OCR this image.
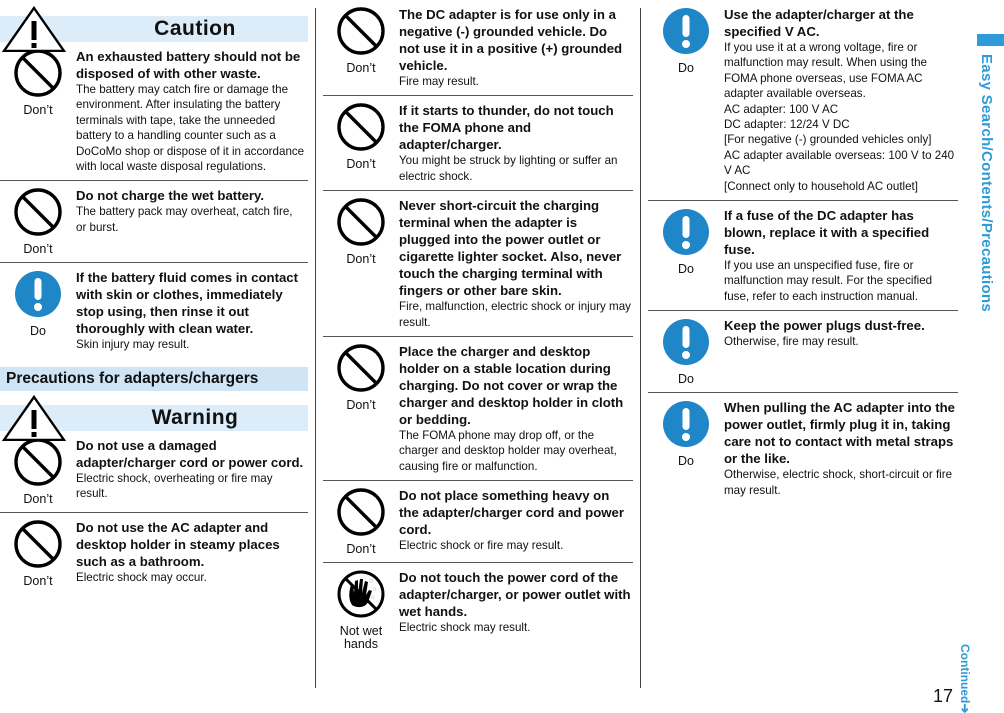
Caution
Don’t
An exhausted battery should not be disposed of with other waste.
The battery may catch fire or damage the environment. After insulating the battery terminals with tape, take the unneeded battery to a handling counter such as a DoCoMo shop or dispose of it in accordance with local waste disposal regulations.
Don’t
Do not charge the wet battery.
The battery pack may overheat, catch fire, or burst.
Do
If the battery fluid comes in contact with skin or clothes, immediately stop using, then rinse it out thoroughly with clean water.
Skin injury may result.
Precautions for adapters/chargers
Warning
Don’t
Do not use a damaged adapter/charger cord or power cord.
Electric shock, overheating or fire may result.
Don’t
Do not use the AC adapter and desktop holder in steamy places such as a bathroom.
Electric shock may occur.
Don’t
The DC adapter is for use only in a negative (-) grounded vehicle. Do not use it in a positive (+) grounded vehicle.
Fire may result.
Don’t
If it starts to thunder, do not touch the FOMA phone and adapter/charger.
You might be struck by lighting or suffer an electric shock.
Don’t
Never short-circuit the charging terminal when the adapter is plugged into the power outlet or cigarette lighter socket. Also, never touch the charging terminal with fingers or other bare skin.
Fire, malfunction, electric shock or injury may result.
Don’t
Place the charger and desktop holder on a stable location during charging. Do not cover or wrap the charger and desktop holder in cloth or bedding.
The FOMA phone may drop off, or the charger and desktop holder may overheat, causing fire or malfunction.
Don’t
Do not place something heavy on the adapter/charger cord and power cord.
Electric shock or fire may result.
◌
◌
◌
Not wet
hands
Do not touch the power cord of the adapter/charger, or power outlet with wet hands.
Electric shock may result.
Do
Use the adapter/charger at the specified V AC.
If you use it at a wrong voltage, fire or malfunction may result. When using the FOMA phone overseas, use FOMA AC adapter available overseas.
AC adapter: 100 V AC
DC adapter: 12/24 V DC
[For negative (-) grounded vehicles only]
AC adapter available overseas: 100 V to 240 V AC
[Connect only to household AC outlet]
Do
If a fuse of the DC adapter has blown, replace it with a specified fuse.
If you use an unspecified fuse, fire or malfunction may result. For the specified fuse, refer to each instruction manual.
Do
Keep the power plugs dust-free.
Otherwise, fire may result.
Do
When pulling the AC adapter into the power outlet, firmly plug it in, taking care not to contact with metal straps or the like.
Otherwise, electric shock, short-circuit or fire may result.
Easy Search/Contents/Precautions
Continued➔
17
